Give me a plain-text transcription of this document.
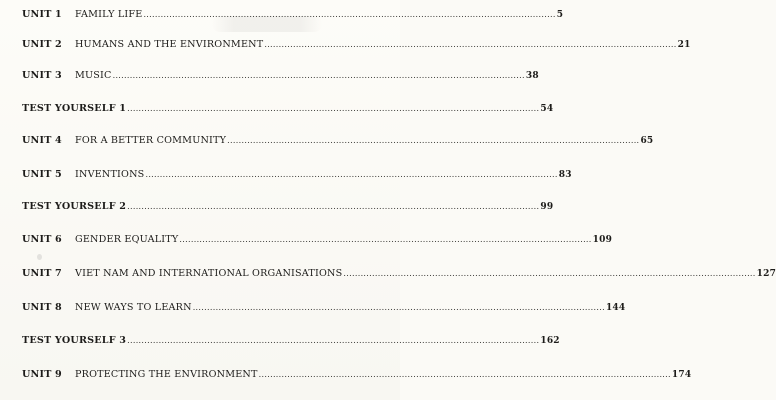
UNIT 1	FAMILY LIFE ................................................................................................................................................ 5
UNIT 2	HUMANS AND THE ENVIRONMENT ................................................................................................................................................ 21
UNIT 3	MUSIC ................................................................................................................................................ 38
TEST YOURSELF 1 ................................................................................................................................................ 54
UNIT 4	FOR A BETTER COMMUNITY ................................................................................................................................................ 65
UNIT 5	INVENTIONS ................................................................................................................................................ 83
TEST YOURSELF 2 ................................................................................................................................................ 99
UNIT 6	GENDER EQUALITY ................................................................................................................................................ 109
UNIT 7	VIET NAM AND INTERNATIONAL ORGANISATIONS ................................................................................................................................................ 127
UNIT 8	NEW WAYS TO LEARN ................................................................................................................................................ 144
TEST YOURSELF 3 ................................................................................................................................................ 162
UNIT 9	PROTECTING THE ENVIRONMENT ................................................................................................................................................ 174
